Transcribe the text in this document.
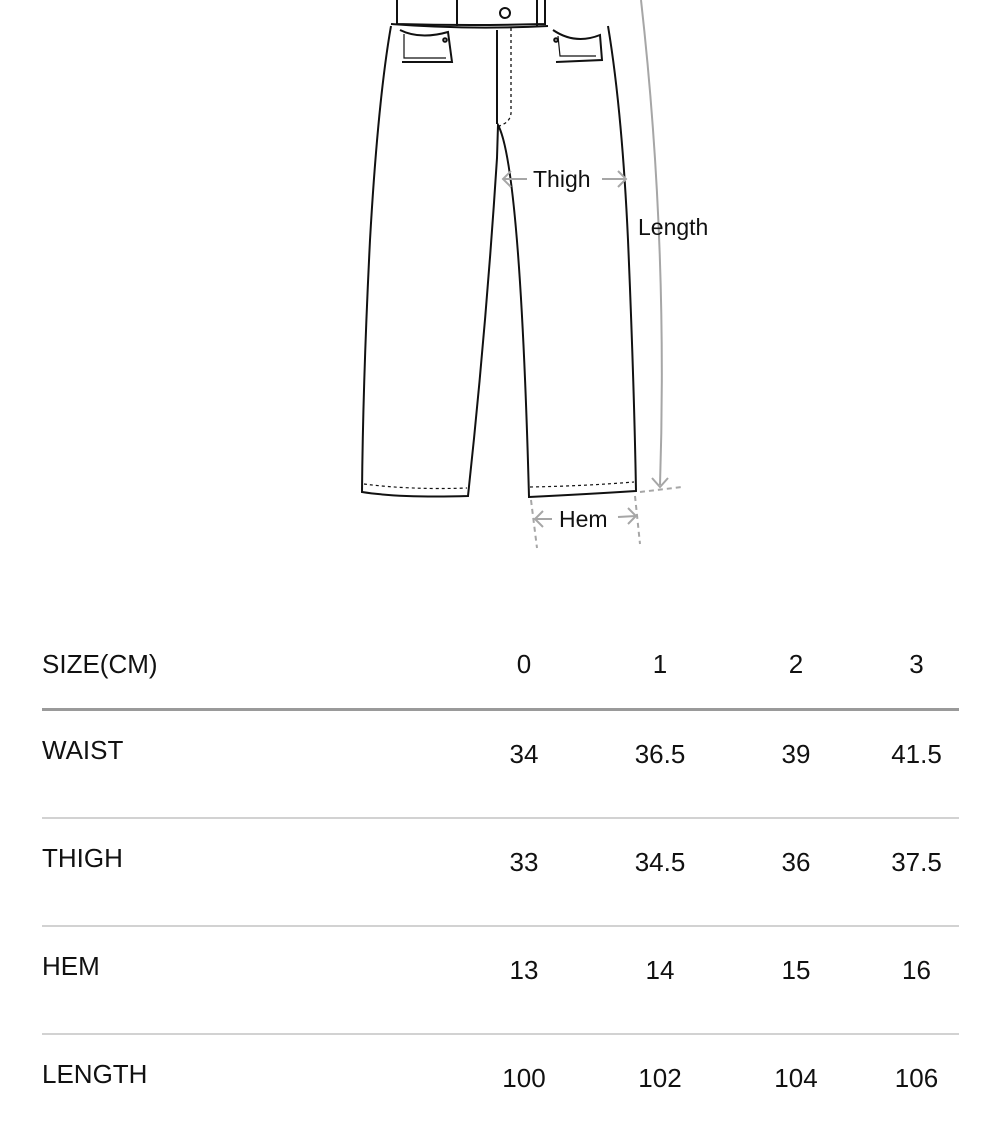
Thigh
Length
Hem
SIZE(CM)	0	1	2	3
WAIST	34	36.5	39	41.5
THIGH	33	34.5	36	37.5
HEM	13	14	15	16
LENGTH	100	102	104	106
